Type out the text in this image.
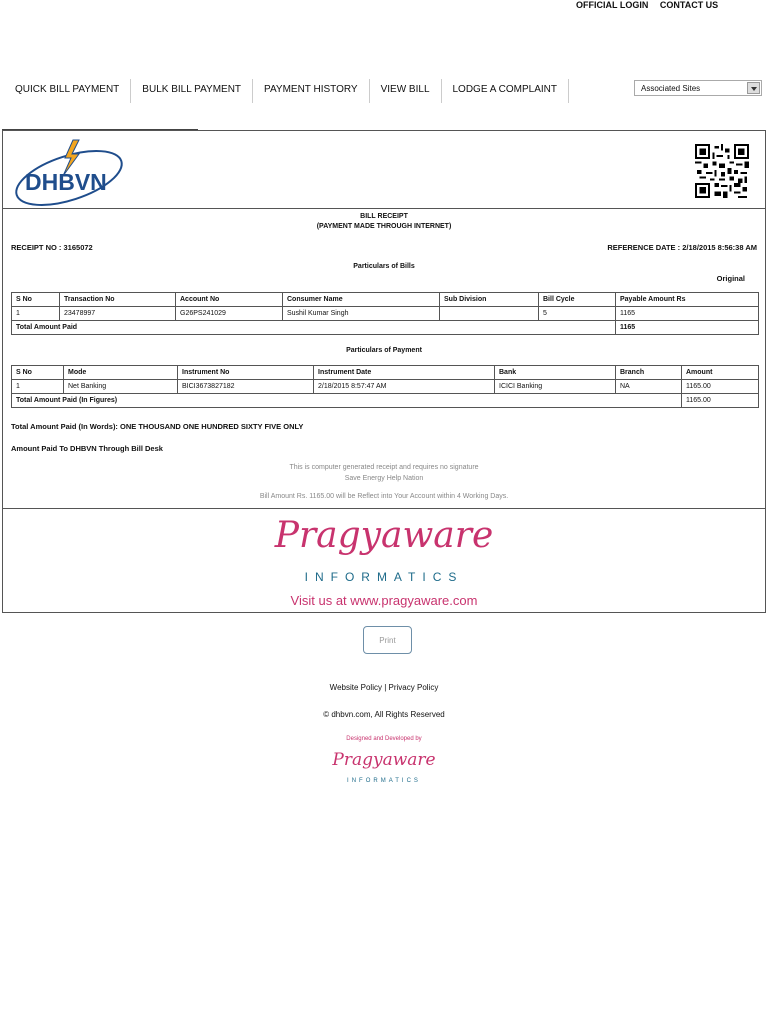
OFFICIAL LOGIN CONTACT US
QUICK BILL PAYMENT	BULK BILL PAYMENT	PAYMENT HISTORY	VIEW BILL	LODGE A COMPLAINT	Associated Sites
DHBVN
BILL RECEIPT
(PAYMENT MADE THROUGH INTERNET)
RECEIPT NO : 3165072	REFERENCE DATE : 2/18/2015 8:56:38 AM
Particulars of Bills
Original
S No	Transaction No	Account No	Consumer Name	Sub Division	Bill Cycle	Payable Amount Rs
1	23478997	G26PS241029	Sushil Kumar Singh		5	1165
Total Amount Paid						1165
Particulars of Payment
S No	Mode	Instrument No	Instrument Date	Bank	Branch	Amount
1	Net Banking	BICI3673827182	2/18/2015 8:57:47 AM	ICICI Banking	NA	1165.00
Total Amount Paid (In Figures)						1165.00
Total Amount Paid (In Words): ONE THOUSAND ONE HUNDRED SIXTY FIVE ONLY
Amount Paid To DHBVN Through Bill Desk
This is computer generated receipt and requires no signature
Save Energy Help Nation
Bill Amount Rs. 1165.00 will be Reflect into Your Account within 4 Working Days.
Pragyaware
INFORMATICS
Visit us at www.pragyaware.com
Print
Website Policy | Privacy Policy
© dhbvn.com, All Rights Reserved
Designed and Developed by
Pragyaware
INFORMATICS
